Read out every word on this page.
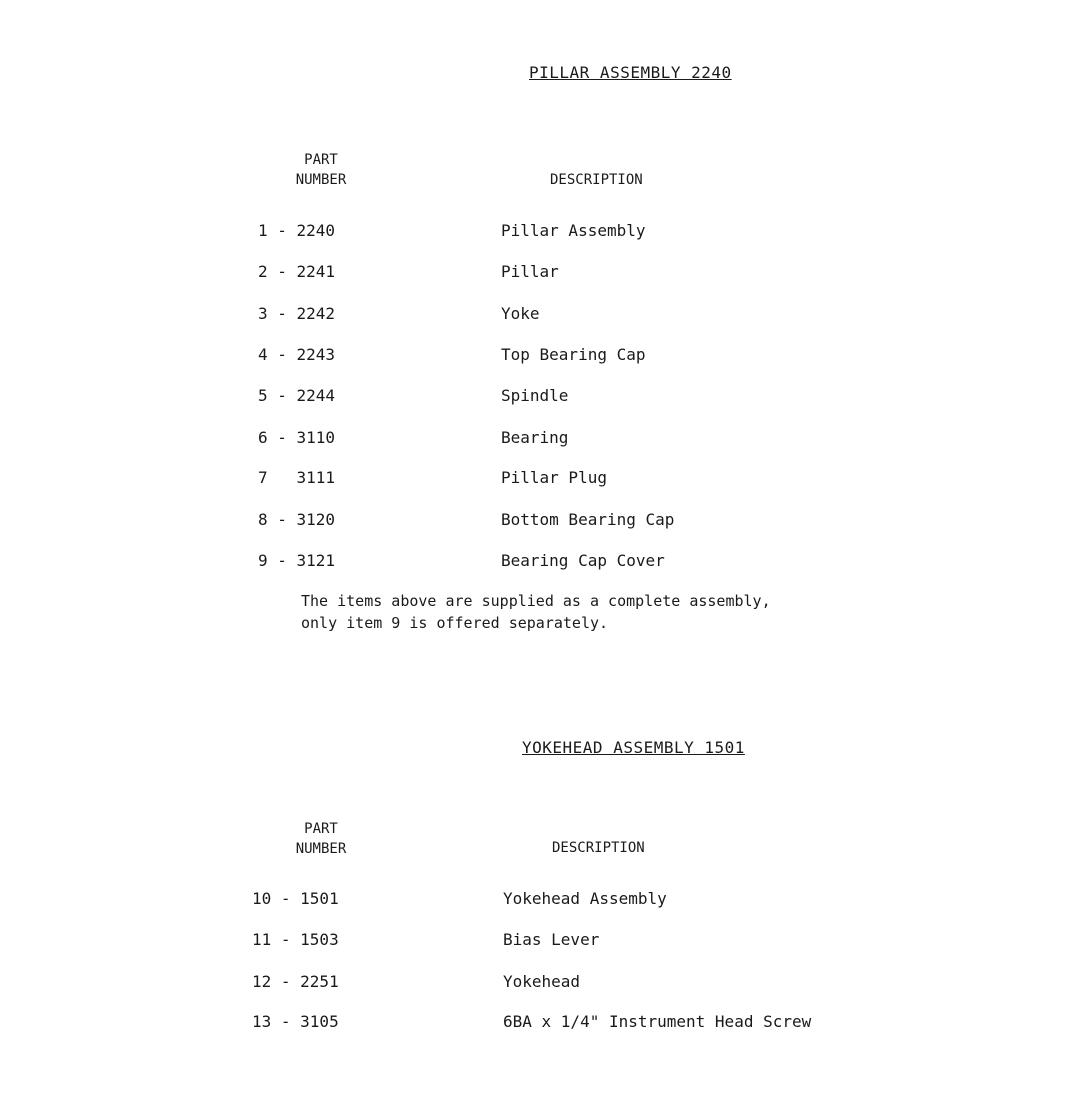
PILLAR ASSEMBLY 2240
PART
NUMBER	DESCRIPTION
1 - 2240	Pillar Assembly
2 - 2241	Pillar
3 - 2242	Yoke
4 - 2243	Top Bearing Cap
5 - 2244	Spindle
6 - 3110	Bearing
7   3111	Pillar Plug
8 - 3120	Bottom Bearing Cap
9 - 3121	Bearing Cap Cover
The items above are supplied as a complete assembly,
only item 9 is offered separately.
YOKEHEAD ASSEMBLY 1501
PART
NUMBER	DESCRIPTION
10 - 1501	Yokehead Assembly
11 - 1503	Bias Lever
12 - 2251	Yokehead
13 - 3105	6BA x 1/4" Instrument Head Screw
